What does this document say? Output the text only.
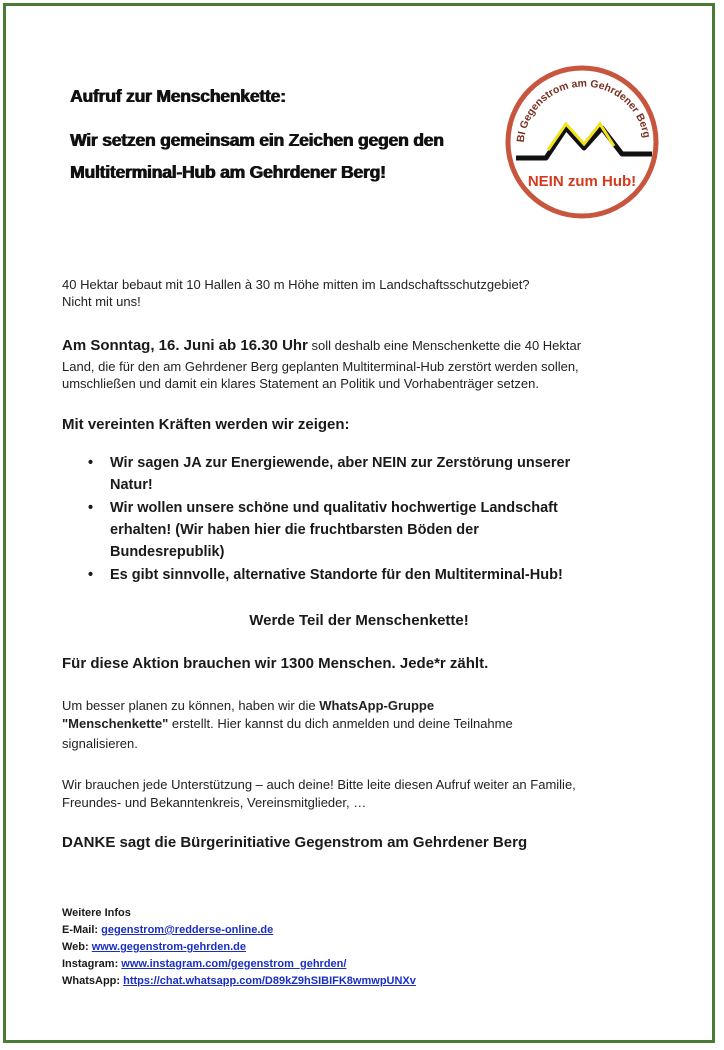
Aufruf zur Menschenkette:
Wir setzen gemeinsam ein Zeichen gegen den
Multiterminal-Hub am Gehrdener Berg!
BI Gegenstrom am Gehrdener Berg
NEIN zum Hub!
40 Hektar bebaut mit 10 Hallen à 30 m Höhe mitten im Landschaftsschutzgebiet?
Nicht mit uns!
Am Sonntag, 16. Juni ab 16.30 Uhr soll deshalb eine Menschenkette die 40 Hektar
Land, die für den am Gehrdener Berg geplanten Multiterminal-Hub zerstört werden sollen,
umschließen und damit ein klares Statement an Politik und Vorhabenträger setzen.
Mit vereinten Kräften werden wir zeigen:
• Wir sagen JA zur Energiewende, aber NEIN zur Zerstörung unserer
Natur!
• Wir wollen unsere schöne und qualitativ hochwertige Landschaft
erhalten! (Wir haben hier die fruchtbarsten Böden der
Bundesrepublik)
• Es gibt sinnvolle, alternative Standorte für den Multiterminal-Hub!
Werde Teil der Menschenkette!
Für diese Aktion brauchen wir 1300 Menschen. Jede*r zählt.
Um besser planen zu können, haben wir die WhatsApp-Gruppe
"Menschenkette" erstellt. Hier kannst du dich anmelden und deine Teilnahme
signalisieren.
Wir brauchen jede Unterstützung – auch deine! Bitte leite diesen Aufruf weiter an Familie,
Freundes- und Bekanntenkreis, Vereinsmitglieder, …
DANKE sagt die Bürgerinitiative Gegenstrom am Gehrdener Berg
Weitere Infos
E-Mail: gegenstrom@redderse-online.de
Web: www.gegenstrom-gehrden.de
Instagram: www.instagram.com/gegenstrom_gehrden/
WhatsApp: https://chat.whatsapp.com/D89kZ9hSIBIFK8wmwpUNXv
